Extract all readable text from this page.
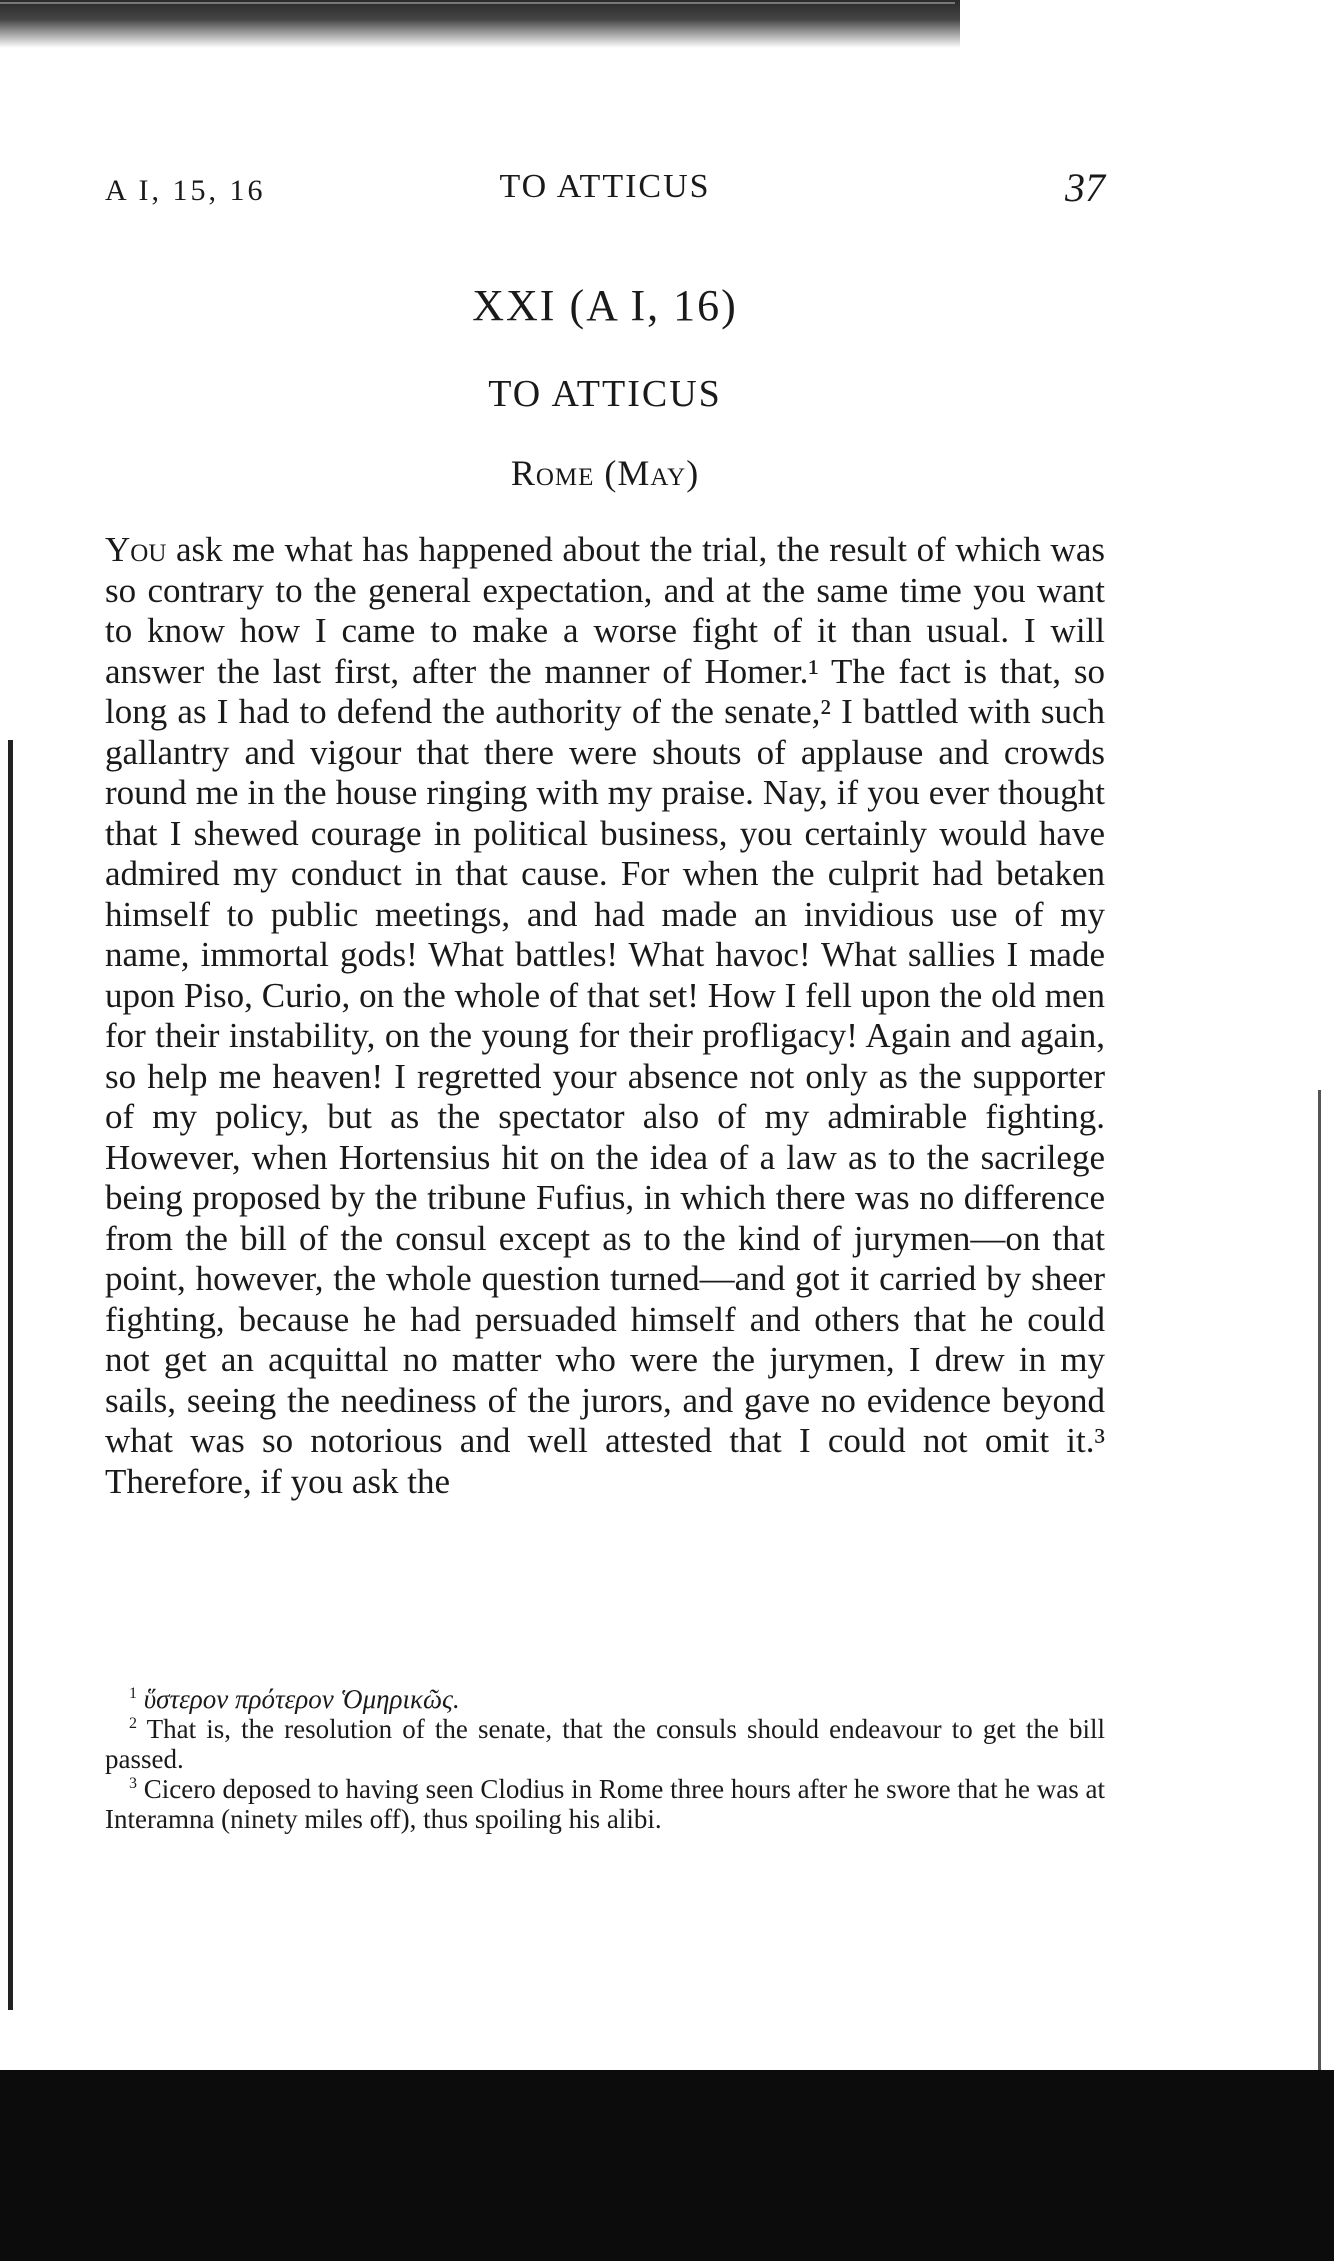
A I, 15, 16	TO ATTICUS	37
XXI (A I, 16)
TO ATTICUS
Rome (May)

You ask me what has happened about the trial, the result of which was so contrary to the general expectation, and at the same time you want to know how I came to make a worse fight of it than usual. I will answer the last first, after the manner of Homer.¹ The fact is that, so long as I had to defend the authority of the senate,² I battled with such gallantry and vigour that there were shouts of applause and crowds round me in the house ringing with my praise. Nay, if you ever thought that I shewed courage in political business, you certainly would have admired my conduct in that cause. For when the culprit had betaken himself to public meetings, and had made an invidious use of my name, immortal gods! What battles! What havoc! What sallies I made upon Piso, Curio, on the whole of that set! How I fell upon the old men for their instability, on the young for their profligacy! Again and again, so help me heaven! I regretted your absence not only as the supporter of my policy, but as the spectator also of my admirable fighting. However, when Hortensius hit on the idea of a law as to the sacrilege being proposed by the tribune Fufius, in which there was no difference from the bill of the consul except as to the kind of jurymen—on that point, however, the whole question turned—and got it carried by sheer fighting, because he had persuaded himself and others that he could not get an acquittal no matter who were the jurymen, I drew in my sails, seeing the neediness of the jurors, and gave no evidence beyond what was so notorious and well attested that I could not omit it.³ Therefore, if you ask the

$^1$ ὕστερον πρότερον Ὁμηρικῶς.

$^2$ That is, the resolution of the senate, that the consuls should endeavour to get the bill passed.

$^3$ Cicero deposed to having seen Clodius in Rome three hours after he swore that he was at Interamna (ninety miles off), thus spoiling his alibi.
